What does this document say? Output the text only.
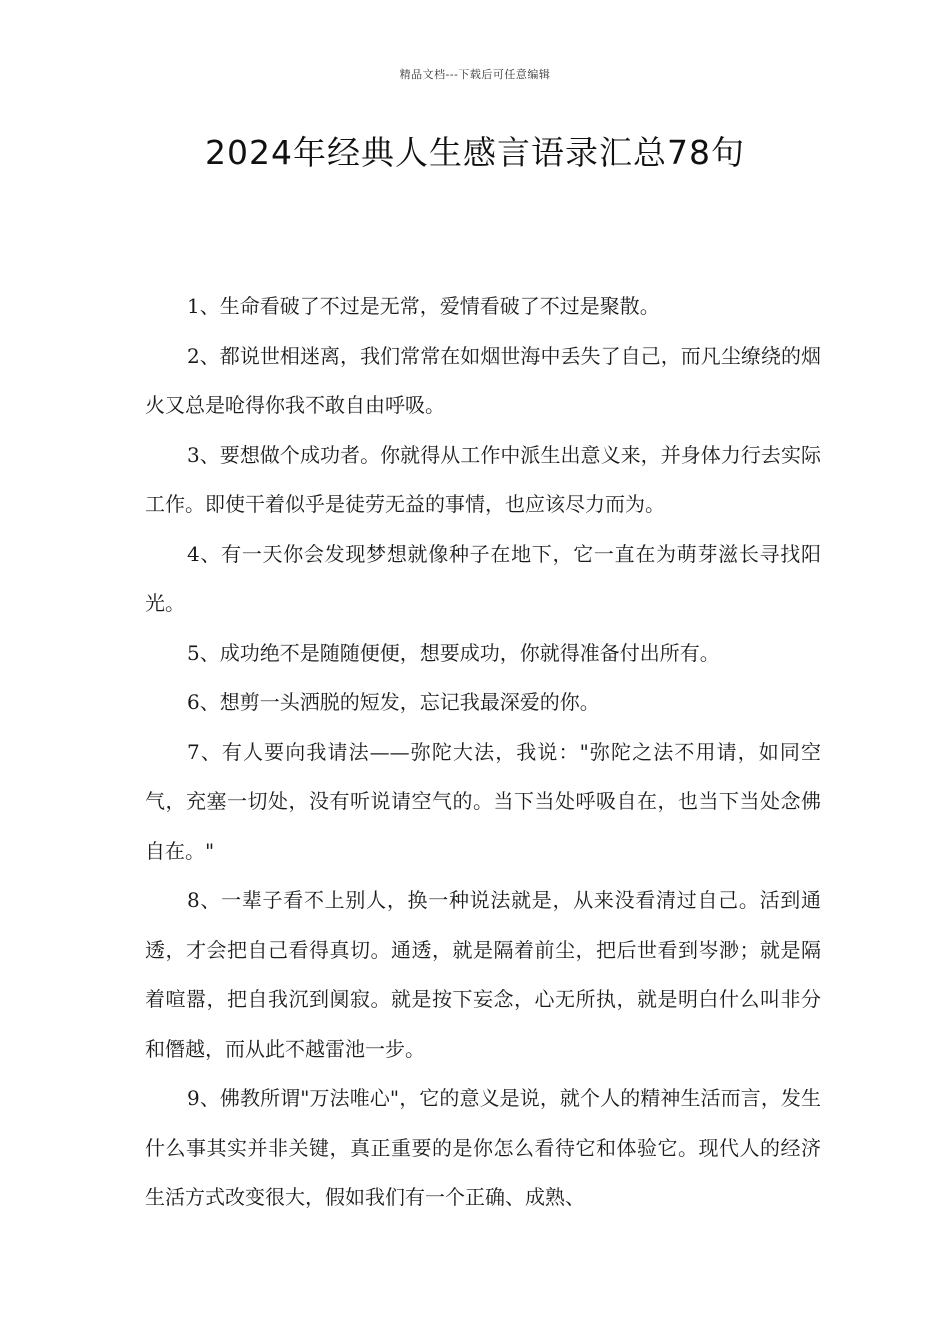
精品文档---下载后可任意编辑
2024年经典人生感言语录汇总78句

1、生命看破了不过是无常，爱情看破了不过是聚散。

2、都说世相迷离，我们常常在如烟世海中丢失了自己，而凡尘缭绕的烟火又总是呛得你我不敢自由呼吸。

3、要想做个成功者。你就得从工作中派生出意义来，并身体力行去实际工作。即使干着似乎是徒劳无益的事情，也应该尽力而为。

4、有一天你会发现梦想就像种子在地下，它一直在为萌芽滋长寻找阳光。

5、成功绝不是随随便便，想要成功，你就得准备付出所有。

6、想剪一头洒脱的短发，忘记我最深爱的你。

7、有人要向我请法——弥陀大法，我说："弥陀之法不用请，如同空气，充塞一切处，没有听说请空气的。当下当处呼吸自在，也当下当处念佛自在。"

8、一辈子看不上别人，换一种说法就是，从来没看清过自己。活到通透，才会把自己看得真切。通透，就是隔着前尘，把后世看到岑渺；就是隔着喧嚣，把自我沉到阒寂。就是按下妄念，心无所执，就是明白什么叫非分和僭越，而从此不越雷池一步。

9、佛教所谓"万法唯心"，它的意义是说，就个人的精神生活而言，发生 什么事其实并非关键，真正重要的是你怎么看待它和体验它。现代人的经济 生活方式改变很大，假如我们有一个正确、成熟、
